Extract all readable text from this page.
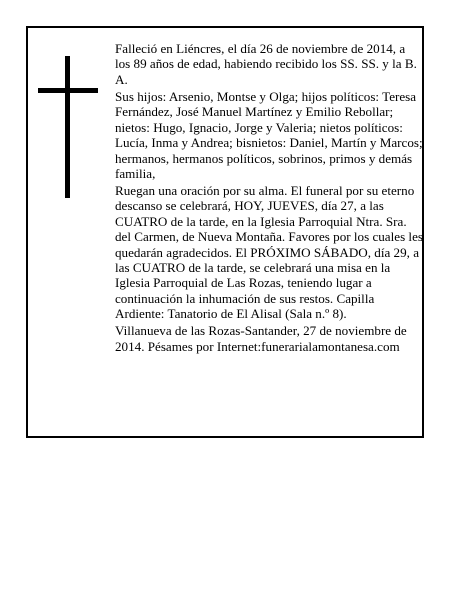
Falleció en Liéncres, el día 26 de noviembre de 2014, a los 89 años de edad, habiendo recibido los SS. SS. y la B. A.

Sus hijos: Arsenio, Montse y Olga; hijos políticos: Teresa Fernández, José Manuel Martínez y Emilio Rebollar; nietos: Hugo, Ignacio, Jorge y Valeria; nietos políticos: Lucía, Inma y Andrea; bisnietos: Daniel, Martín y Marcos; hermanos, hermanos políticos, sobrinos, primos y demás familia,

Ruegan una oración por su alma. El funeral por su eterno descanso se celebrará, HOY, JUEVES, día 27, a las CUATRO de la tarde, en la Iglesia Parroquial Ntra. Sra. del Carmen, de Nueva Montaña. Favores por los cuales les quedarán agradecidos. El PRÓXIMO SÁBADO, día 29, a las CUATRO de la tarde, se celebrará una misa en la Iglesia Parroquial de Las Rozas, teniendo lugar a continuación la inhumación de sus restos. Capilla Ardiente: Tanatorio de El Alisal (Sala n.º 8).

Villanueva de las Rozas-Santander, 27 de noviembre de 2014. Pésames por Internet:funerarialamontanesa.com
